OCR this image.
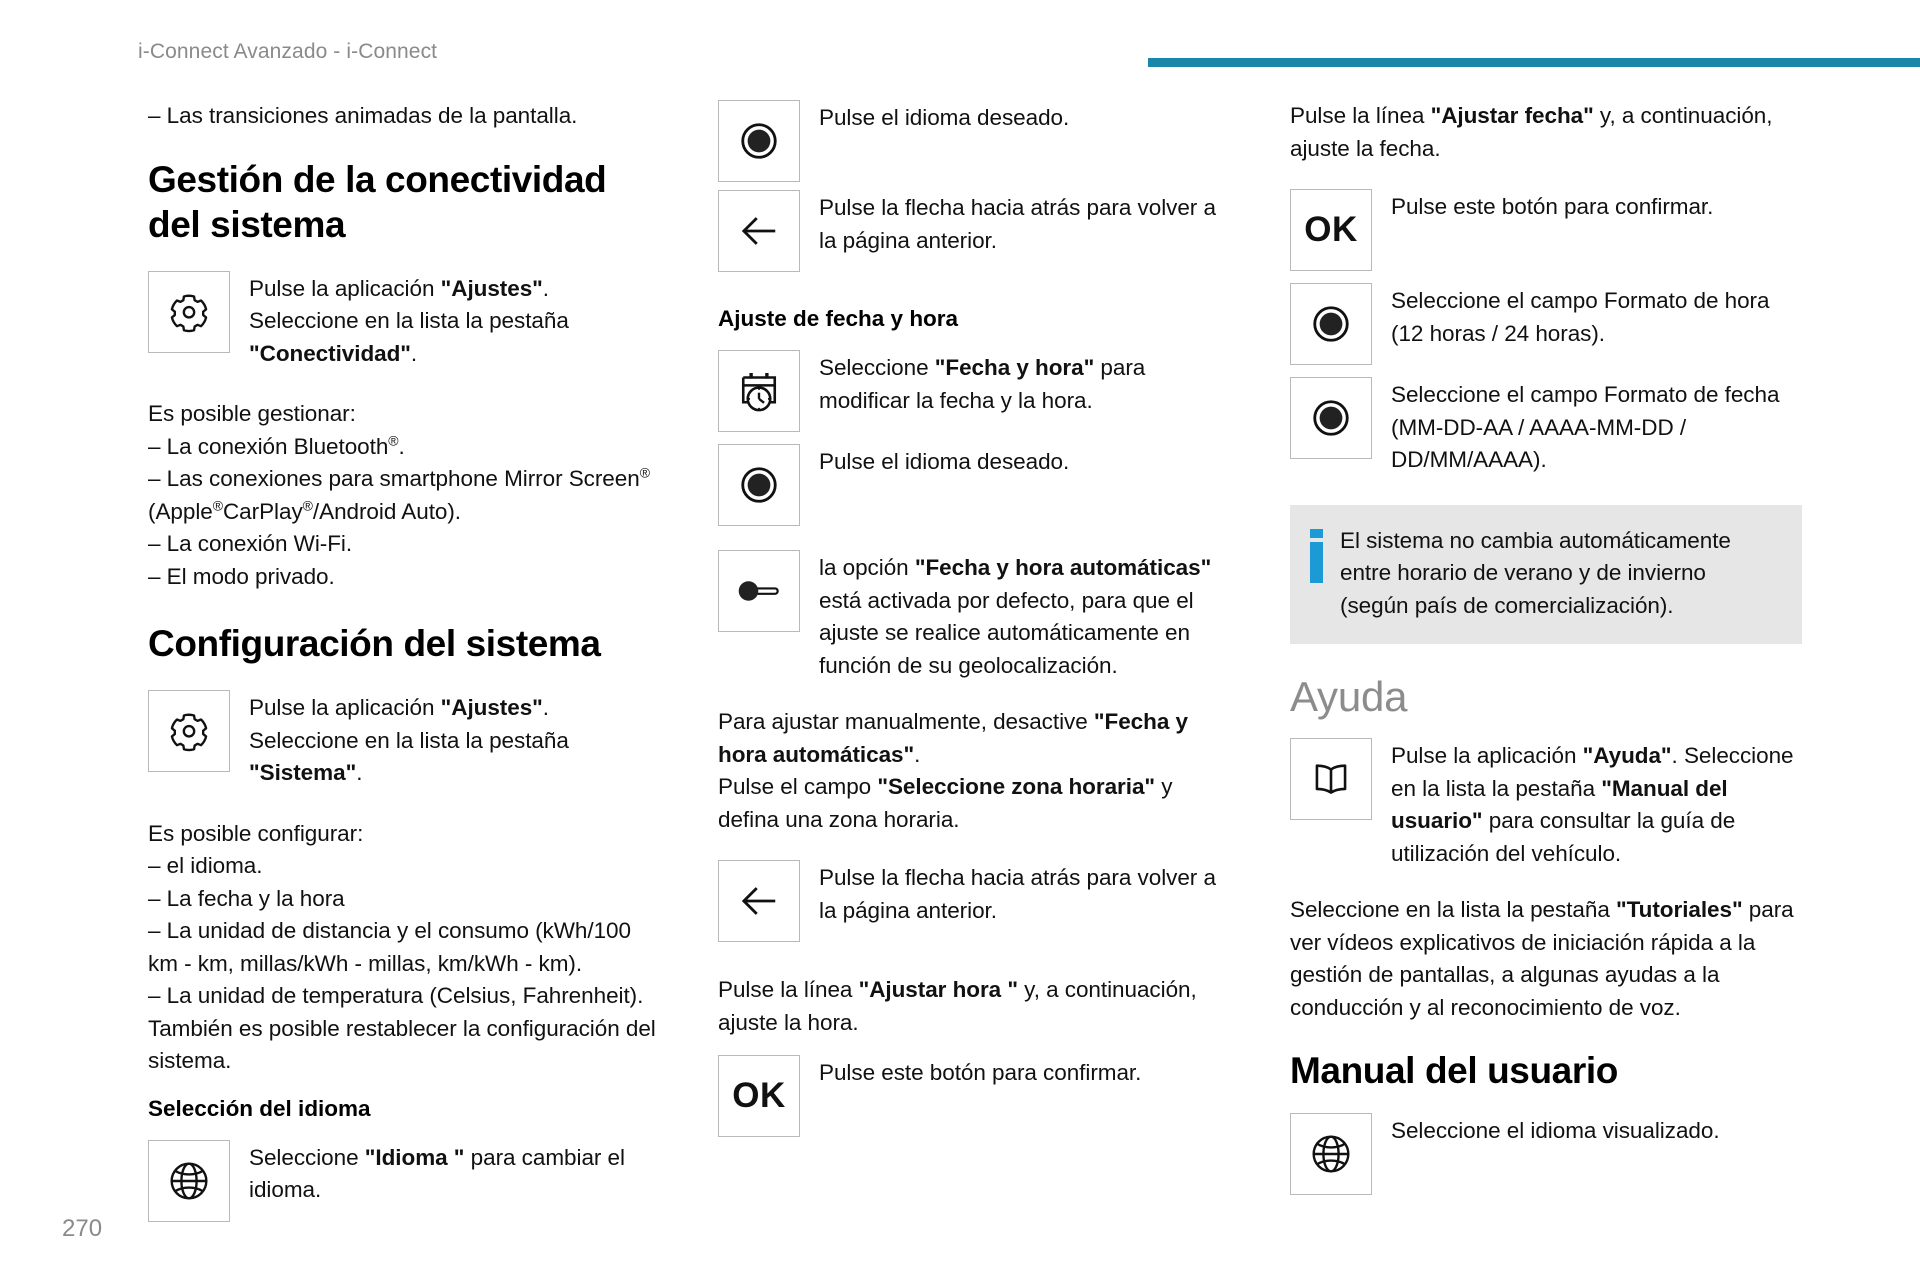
i-Connect Avanzado - i-Connect

– Las transiciones animadas de la pantalla.

Gestión de la conectividad del sistema

Pulse la aplicación "Ajustes". Seleccione en la lista la pestaña "Conectividad".

Es posible gestionar:

– La conexión Bluetooth®.

– Las conexiones para smartphone Mirror Screen® (Apple®CarPlay®/Android Auto).

– La conexión Wi-Fi.

– El modo privado.

Configuración del sistema

Pulse la aplicación "Ajustes". Seleccione en la lista la pestaña "Sistema".

Es posible configurar:

– el idioma.

– La fecha y la hora

– La unidad de distancia y el consumo (kWh/100 km - km, millas/kWh - millas, km/kWh - km).

– La unidad de temperatura (Celsius, Fahrenheit).

También es posible restablecer la configuración del sistema.

Selección del idioma

Seleccione "Idioma " para cambiar el idioma.

Pulse el idioma deseado.

Pulse la flecha hacia atrás para volver a la página anterior.

Ajuste de fecha y hora

Seleccione "Fecha y hora" para modificar la fecha y la hora.

Pulse el idioma deseado.

la opción "Fecha y hora automáticas" está activada por defecto, para que el ajuste se realice automáticamente en función de su geolocalización.

Para ajustar manualmente, desactive "Fecha y hora automáticas".

Pulse el campo "Seleccione zona horaria" y defina una zona horaria.

Pulse la flecha hacia atrás para volver a la página anterior.

Pulse la línea "Ajustar hora " y, a continuación, ajuste la hora.

OK

Pulse este botón para confirmar.

Pulse la línea "Ajustar fecha" y, a continuación, ajuste la fecha.

OK

Pulse este botón para confirmar.

Seleccione el campo Formato de hora (12 horas / 24 horas).

Seleccione el campo Formato de fecha (MM-DD-AA / AAAA-MM-DD / DD/MM/AAAA).

El sistema no cambia automáticamente entre horario de verano y de invierno (según país de comercialización).

Ayuda

Pulse la aplicación "Ayuda". Seleccione en la lista la pestaña "Manual del usuario" para consultar la guía de utilización del vehículo.

Seleccione en la lista la pestaña "Tutoriales" para ver vídeos explicativos de iniciación rápida a la gestión de pantallas, a algunas ayudas a la conducción y al reconocimiento de voz.

Manual del usuario

Seleccione el idioma visualizado.

270
